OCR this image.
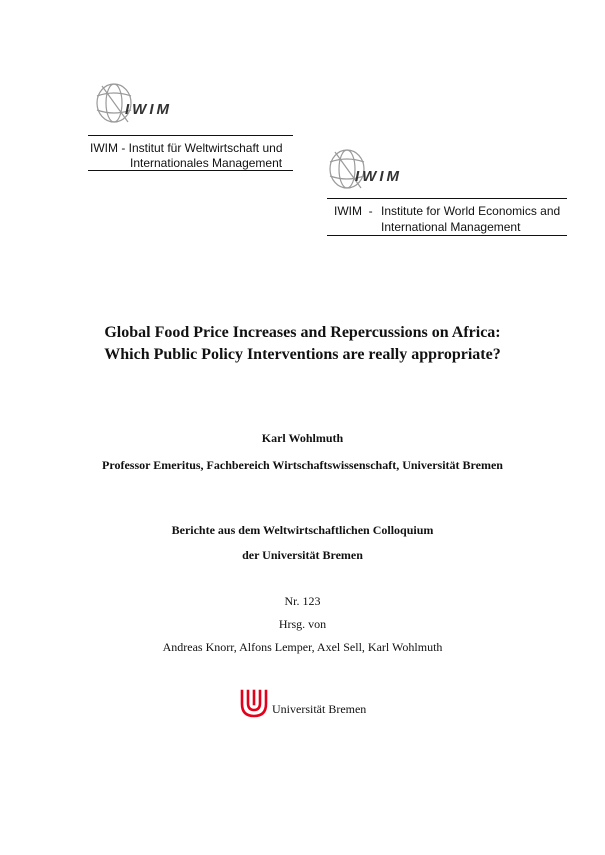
IWIM
IWIM - Institut für Weltwirtschaft und
Internationales Management
IWIM
IWIM  - Institute for World Economics and
International Management
Global Food Price Increases and Repercussions on Africa:
Which Public Policy Interventions are really appropriate?
Karl Wohlmuth
Professor Emeritus, Fachbereich Wirtschaftswissenschaft, Universität Bremen
Berichte aus dem Weltwirtschaftlichen Colloquium
der Universität Bremen
Nr. 123
Hrsg. von
Andreas Knorr, Alfons Lemper, Axel Sell, Karl Wohlmuth
Universität Bremen
